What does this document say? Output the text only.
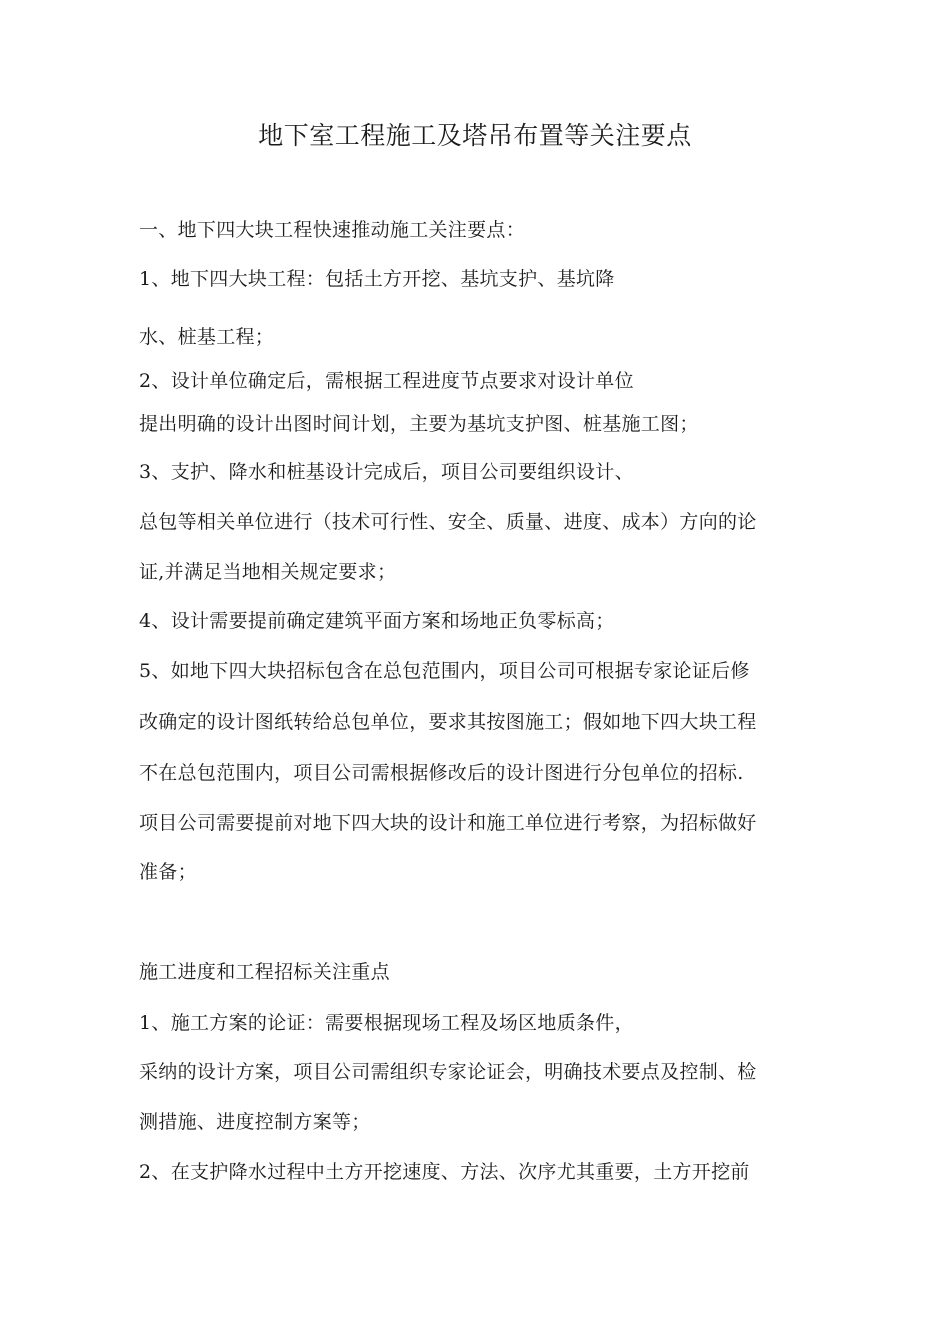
地下室工程施工及塔吊布置等关注要点
一、地下四大块工程快速推动施工关注要点：
1、地下四大块工程：包括土方开挖、基坑支护、基坑降
水、桩基工程；
2、设计单位确定后，需根据工程进度节点要求对设计单位
提出明确的设计出图时间计划，主要为基坑支护图、桩基施工图；
3、支护、降水和桩基设计完成后，项目公司要组织设计、
总包等相关单位进行（技术可行性、安全、质量、进度、成本）方向的论
证,并满足当地相关规定要求；
4、设计需要提前确定建筑平面方案和场地正负零标高；
5、如地下四大块招标包含在总包范围内，项目公司可根据专家论证后修
改确定的设计图纸转给总包单位，要求其按图施工；假如地下四大块工程
不在总包范围内，项目公司需根据修改后的设计图进行分包单位的招标.
项目公司需要提前对地下四大块的设计和施工单位进行考察，为招标做好
准备；
施工进度和工程招标关注重点
1、施工方案的论证：需要根据现场工程及场区地质条件，
采纳的设计方案，项目公司需组织专家论证会，明确技术要点及控制、检
测措施、进度控制方案等；
2、在支护降水过程中土方开挖速度、方法、次序尤其重要，土方开挖前
